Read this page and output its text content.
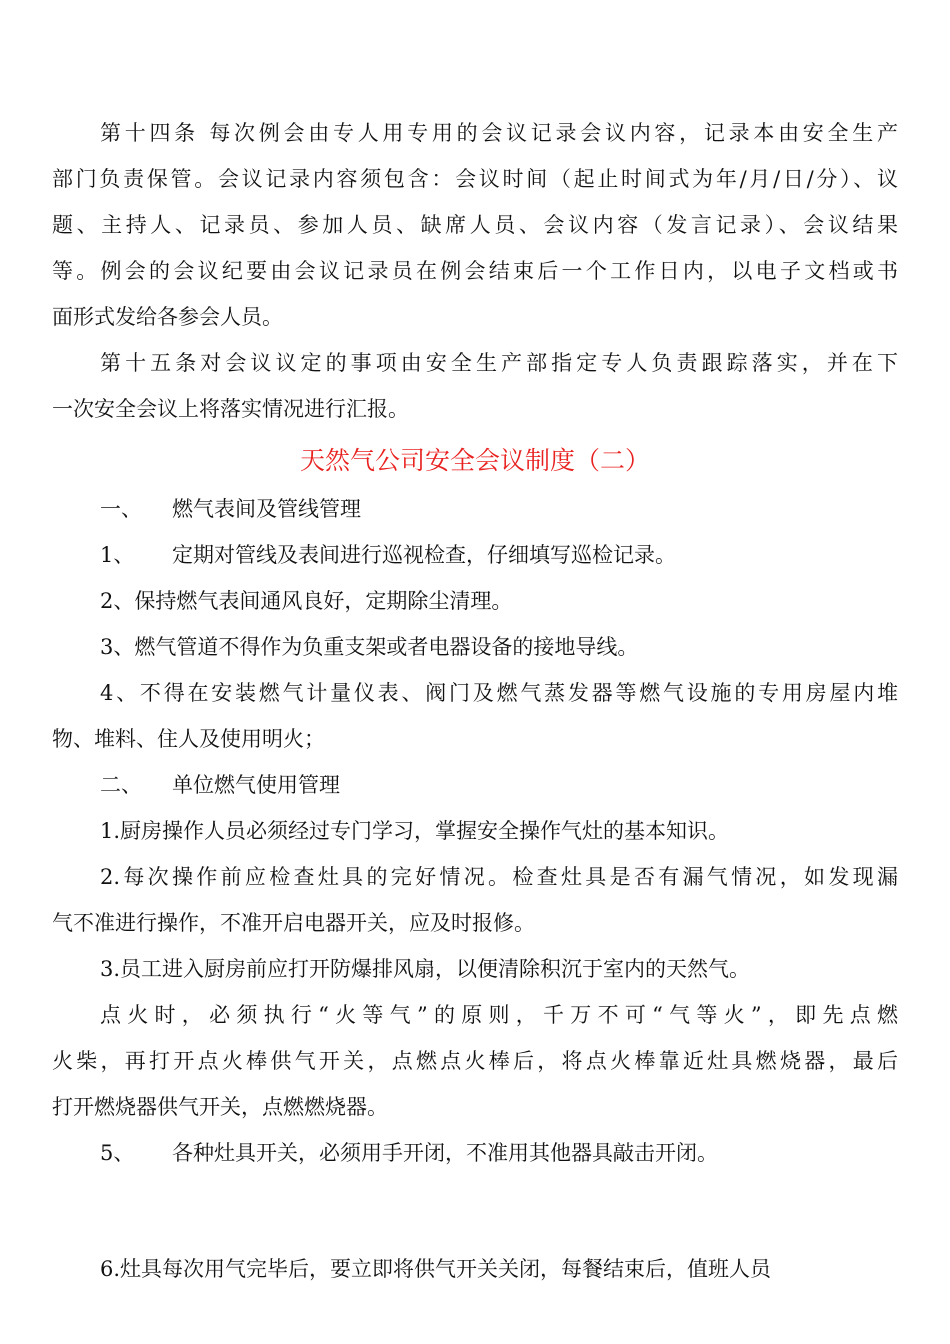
第十四条 每次例会由专人用专用的会议记录会议内容，记录本由安全生产
部门负责保管。会议记录内容须包含：会议时间（起止时间式为年/月/日/分）、议
题、主持人、记录员、参加人员、缺席人员、会议内容（发言记录）、会议结果
等。例会的会议纪要由会议记录员在例会结束后一个工作日内，以电子文档或书
面形式发给各参会人员。
第十五条对会议议定的事项由安全生产部指定专人负责跟踪落实，并在下
一次安全会议上将落实情况进行汇报。
天然气公司安全会议制度（二）
一、 燃气表间及管线管理
1、 定期对管线及表间进行巡视检查，仔细填写巡检记录。
2、保持燃气表间通风良好，定期除尘清理。
3、燃气管道不得作为负重支架或者电器设备的接地导线。
4、不得在安装燃气计量仪表、阀门及燃气蒸发器等燃气设施的专用房屋内堆
物、堆料、住人及使用明火；
二、 单位燃气使用管理
1.厨房操作人员必须经过专门学习，掌握安全操作气灶的基本知识。
2.每次操作前应检查灶具的完好情况。检查灶具是否有漏气情况，如发现漏
气不准进行操作，不准开启电器开关，应及时报修。
3.员工进入厨房前应打开防爆排风扇，以便清除积沉于室内的天然气。
点火时，必须执行“火等气”的原则，千万不可“气等火”，即先点燃
火柴，再打开点火棒供气开关，点燃点火棒后，将点火棒靠近灶具燃烧器，最后
打开燃烧器供气开关，点燃燃烧器。
5、 各种灶具开关，必须用手开闭，不准用其他器具敲击开闭。
6.灶具每次用气完毕后，要立即将供气开关关闭，每餐结束后，值班人员
